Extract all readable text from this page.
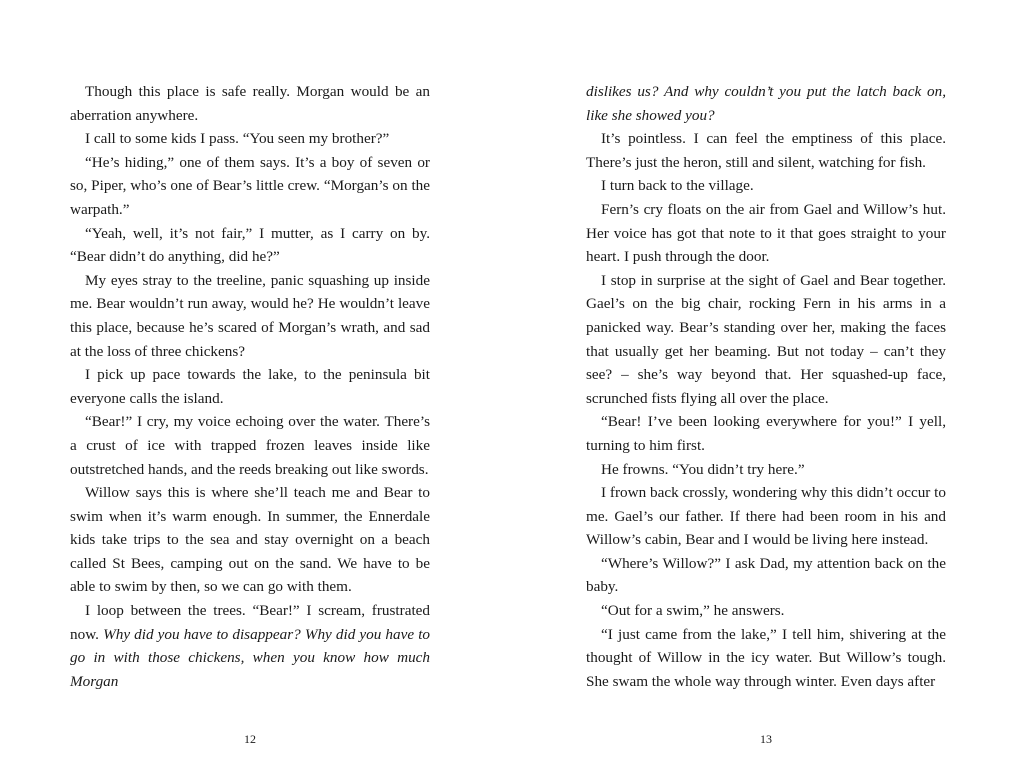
Though this place is safe really. Morgan would be an aberration anywhere.

I call to some kids I pass. “You seen my brother?”

“He’s hiding,” one of them says. It’s a boy of seven or so, Piper, who’s one of Bear’s little crew. “Morgan’s on the warpath.”

“Yeah, well, it’s not fair,” I mutter, as I carry on by. “Bear didn’t do anything, did he?”

My eyes stray to the treeline, panic squashing up inside me. Bear wouldn’t run away, would he? He wouldn’t leave this place, because he’s scared of Morgan’s wrath, and sad at the loss of three chickens?

I pick up pace towards the lake, to the peninsula bit everyone calls the island.

“Bear!” I cry, my voice echoing over the water. There’s a crust of ice with trapped frozen leaves inside like outstretched hands, and the reeds breaking out like swords.

Willow says this is where she’ll teach me and Bear to swim when it’s warm enough. In summer, the Ennerdale kids take trips to the sea and stay overnight on a beach called St Bees, camping out on the sand. We have to be able to swim by then, so we can go with them.

I loop between the trees. “Bear!” I scream, frustrated now. Why did you have to disappear? Why did you have to go in with those chickens, when you know how much Morgan

dislikes us? And why couldn’t you put the latch back on, like she showed you?

It’s pointless. I can feel the emptiness of this place. There’s just the heron, still and silent, watching for fish.

I turn back to the village.

Fern’s cry floats on the air from Gael and Willow’s hut. Her voice has got that note to it that goes straight to your heart. I push through the door.

I stop in surprise at the sight of Gael and Bear together. Gael’s on the big chair, rocking Fern in his arms in a panicked way. Bear’s standing over her, making the faces that usually get her beaming. But not today – can’t they see? – she’s way beyond that. Her squashed-up face, scrunched fists flying all over the place.

“Bear! I’ve been looking everywhere for you!” I yell, turning to him first.

He frowns. “You didn’t try here.”

I frown back crossly, wondering why this didn’t occur to me. Gael’s our father. If there had been room in his and Willow’s cabin, Bear and I would be living here instead.

“Where’s Willow?” I ask Dad, my attention back on the baby.

“Out for a swim,” he answers.

“I just came from the lake,” I tell him, shivering at the thought of Willow in the icy water. But Willow’s tough. She swam the whole way through winter. Even days after

12	13
